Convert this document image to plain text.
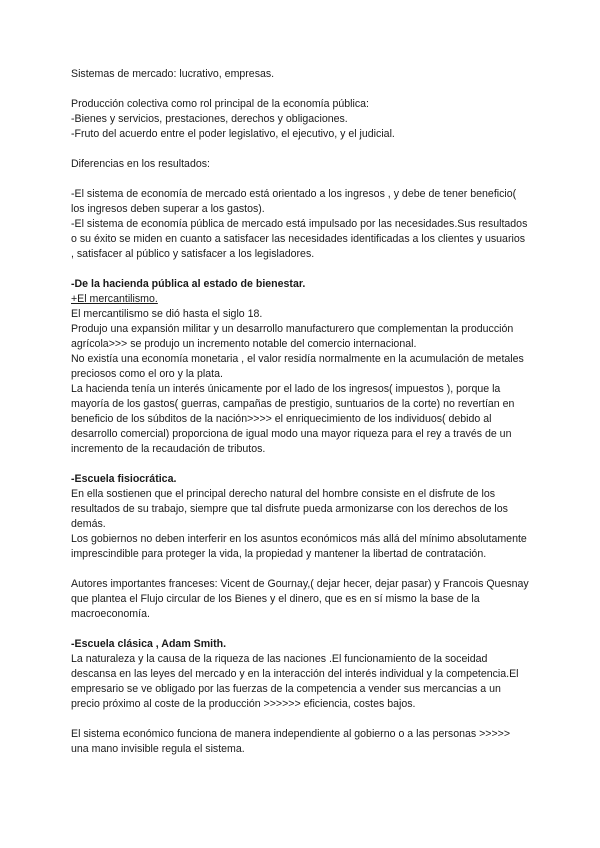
Sistemas de mercado: lucrativo, empresas.

Producción colectiva como rol principal de la economía pública:

-Bienes y servicios, prestaciones, derechos y obligaciones.

-Fruto del acuerdo entre el poder legislativo, el ejecutivo, y el judicial.

Diferencias en los resultados:

-El sistema de economía de mercado está orientado a los ingresos , y debe de tener beneficio( los ingresos deben superar a los gastos).

-El sistema de economía pública de mercado está impulsado por las necesidades.Sus resultados o su éxito se miden en cuanto a satisfacer las necesidades identificadas a los clientes y usuarios , satisfacer al público y satisfacer a los legisladores.

-De la hacienda pública al estado de bienestar.

+El mercantilismo.

El mercantilismo se dió hasta el siglo 18.

Produjo una expansión militar y un desarrollo manufacturero que complementan la producción agrícola>>> se produjo un incremento notable del comercio internacional.

No existía una economía monetaria , el valor residía normalmente en la acumulación de metales preciosos como el oro y la plata.

La hacienda tenía un interés únicamente por el lado de los ingresos( impuestos ), porque la mayoría de los gastos( guerras, campañas de prestigio, suntuarios de la corte) no revertían en beneficio de los súbditos de la nación>>>> el enriquecimiento de los individuos( debido al desarrollo comercial) proporciona de igual modo una mayor riqueza para el rey a través de un incremento de la recaudación de tributos.

-Escuela fisiocrática.

En ella sostienen que el principal derecho natural del hombre consiste en el disfrute de los resultados de su trabajo, siempre que tal disfrute pueda armonizarse con los derechos de los demás.

Los gobiernos no deben interferir en los asuntos económicos más allá del mínimo absolutamente imprescindible para proteger la vida, la propiedad y mantener la libertad de contratación.

Autores importantes franceses: Vicent de Gournay,( dejar hecer, dejar pasar) y Francois Quesnay que plantea el Flujo circular de los Bienes y el dinero, que es en sí mismo la base de la macroeconomía.

-Escuela clásica , Adam Smith.

La naturaleza y la causa de la riqueza de las naciones .El funcionamiento de la soceidad descansa en las leyes del mercado y en la interacción del interés individual y la competencia.El empresario se ve obligado por las fuerzas de la competencia a vender sus mercancias a un precio próximo al coste de la producción >>>>>> eficiencia, costes bajos.

El sistema económico funciona de manera independiente al gobierno o a las personas >>>>> una mano invisible regula el sistema.
